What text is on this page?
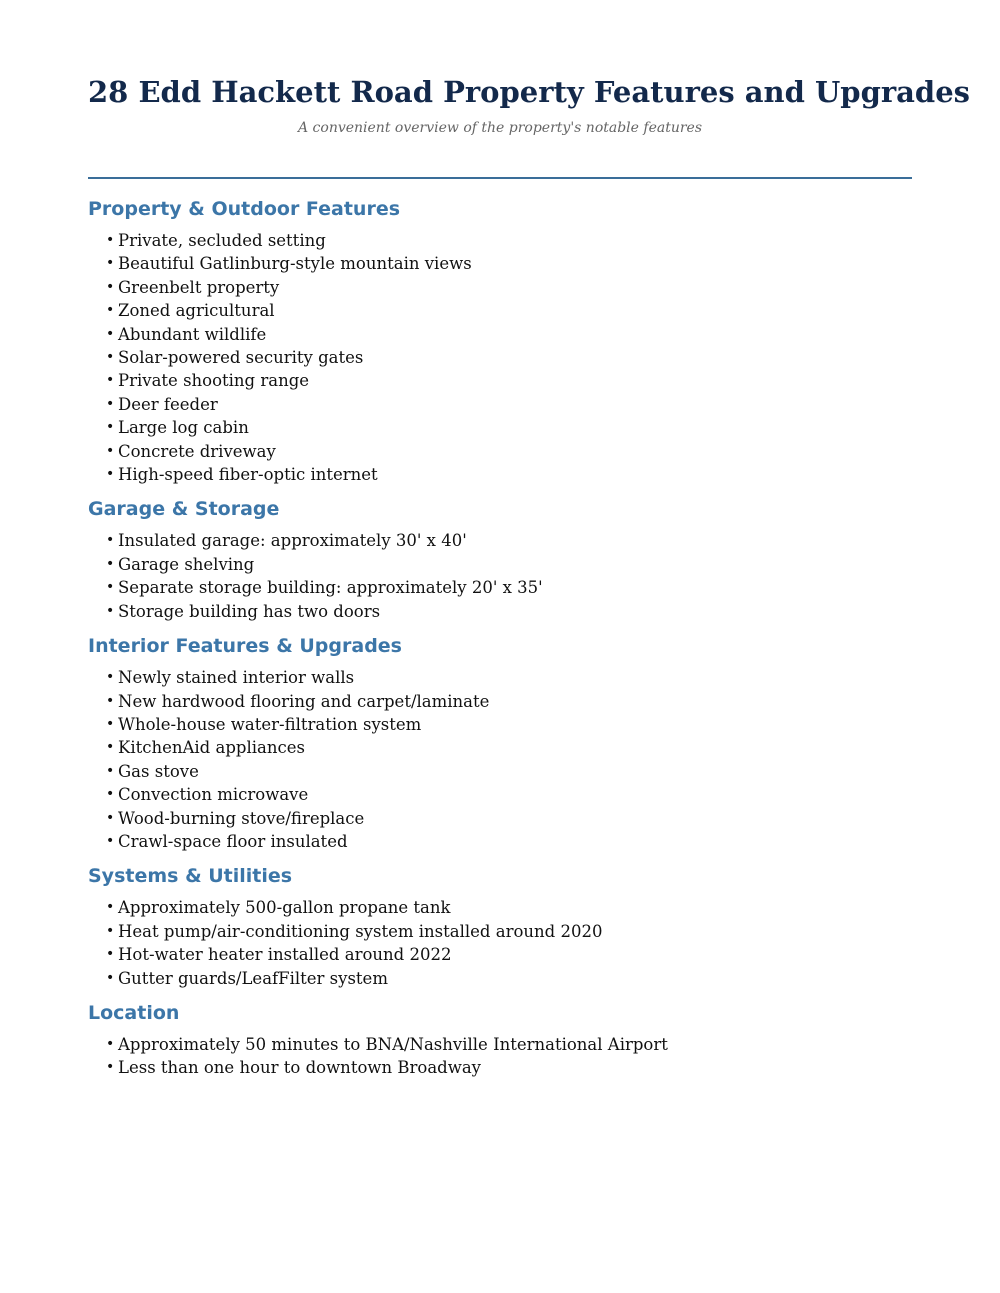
28 Edd Hackett Road Property Features and Upgrades

A convenient overview of the property's notable features

Property & Outdoor Features
• Private, secluded setting
• Beautiful Gatlinburg-style mountain views
• Greenbelt property
• Zoned agricultural
• Abundant wildlife
• Solar-powered security gates
• Private shooting range
• Deer feeder
• Large log cabin
• Concrete driveway
• High-speed fiber-optic internet
Garage & Storage
• Insulated garage: approximately 30' x 40'
• Garage shelving
• Separate storage building: approximately 20' x 35'
• Storage building has two doors
Interior Features & Upgrades
• Newly stained interior walls
• New hardwood flooring and carpet/laminate
• Whole-house water-filtration system
• KitchenAid appliances
• Gas stove
• Convection microwave
• Wood-burning stove/fireplace
• Crawl-space floor insulated
Systems & Utilities
• Approximately 500-gallon propane tank
• Heat pump/air-conditioning system installed around 2020
• Hot-water heater installed around 2022
• Gutter guards/LeafFilter system
Location
• Approximately 50 minutes to BNA/Nashville International Airport
• Less than one hour to downtown Broadway
